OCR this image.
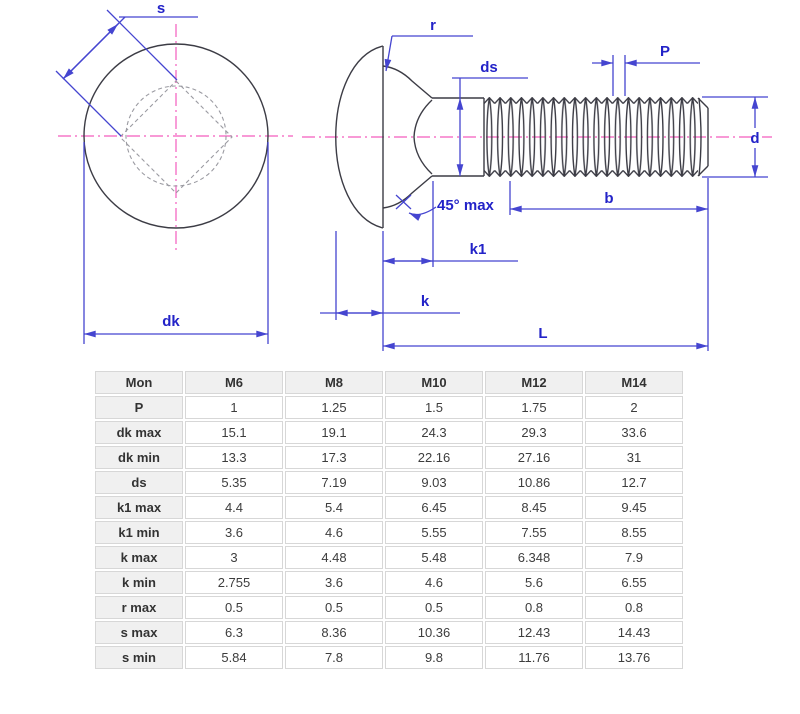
s
dk
r
ds
P
d
b
45° max
k1
k
L
Mon	M6	M8	M10	M12	M14
P	1	1.25	1.5	1.75	2
dk max	15.1	19.1	24.3	29.3	33.6
dk min	13.3	17.3	22.16	27.16	31
ds	5.35	7.19	9.03	10.86	12.7
k1 max	4.4	5.4	6.45	8.45	9.45
k1 min	3.6	4.6	5.55	7.55	8.55
k max	3	4.48	5.48	6.348	7.9
k min	2.755	3.6	4.6	5.6	6.55
r max	0.5	0.5	0.5	0.8	0.8
s max	6.3	8.36	10.36	12.43	14.43
s min	5.84	7.8	9.8	11.76	13.76
